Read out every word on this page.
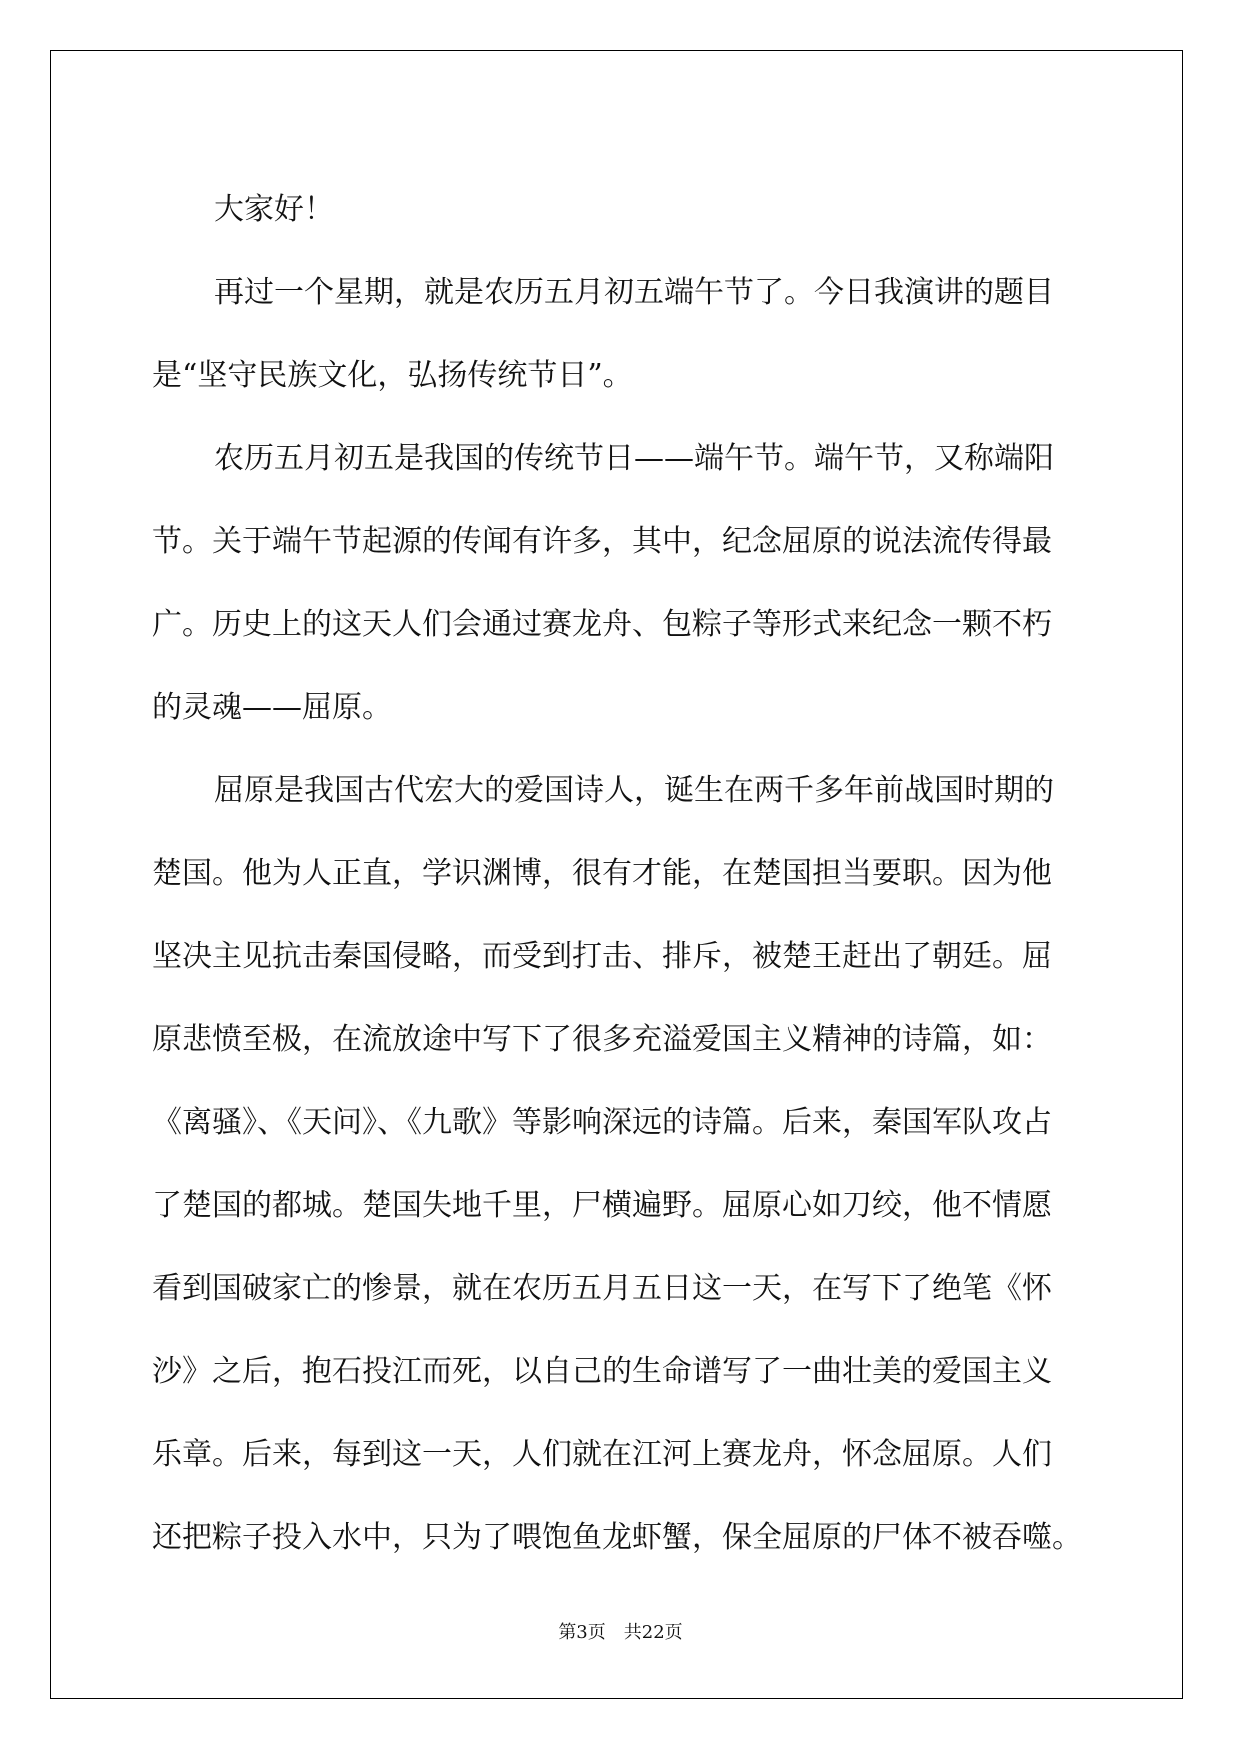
大家好！
再过一个星期，就是农历五月初五端午节了。今日我演讲的题目
是“坚守民族文化，弘扬传统节日”。
农历五月初五是我国的传统节日——端午节。端午节，又称端阳
节。关于端午节起源的传闻有许多，其中，纪念屈原的说法流传得最
广。历史上的这天人们会通过赛龙舟、包粽子等形式来纪念一颗不朽
的灵魂——屈原。
屈原是我国古代宏大的爱国诗人，诞生在两千多年前战国时期的
楚国。他为人正直，学识渊博，很有才能，在楚国担当要职。因为他
坚决主见抗击秦国侵略，而受到打击、排斥，被楚王赶出了朝廷。屈
原悲愤至极，在流放途中写下了很多充溢爱国主义精神的诗篇，如：
《离骚》、《天问》、《九歌》等影响深远的诗篇。后来，秦国军队攻占
了楚国的都城。楚国失地千里，尸横遍野。屈原心如刀绞，他不情愿
看到国破家亡的惨景，就在农历五月五日这一天，在写下了绝笔《怀
沙》之后，抱石投江而死，以自己的生命谱写了一曲壮美的爱国主义
乐章。后来，每到这一天，人们就在江河上赛龙舟，怀念屈原。人们
还把粽子投入水中，只为了喂饱鱼龙虾蟹，保全屈原的尸体不被吞噬。
第3页　共22页
